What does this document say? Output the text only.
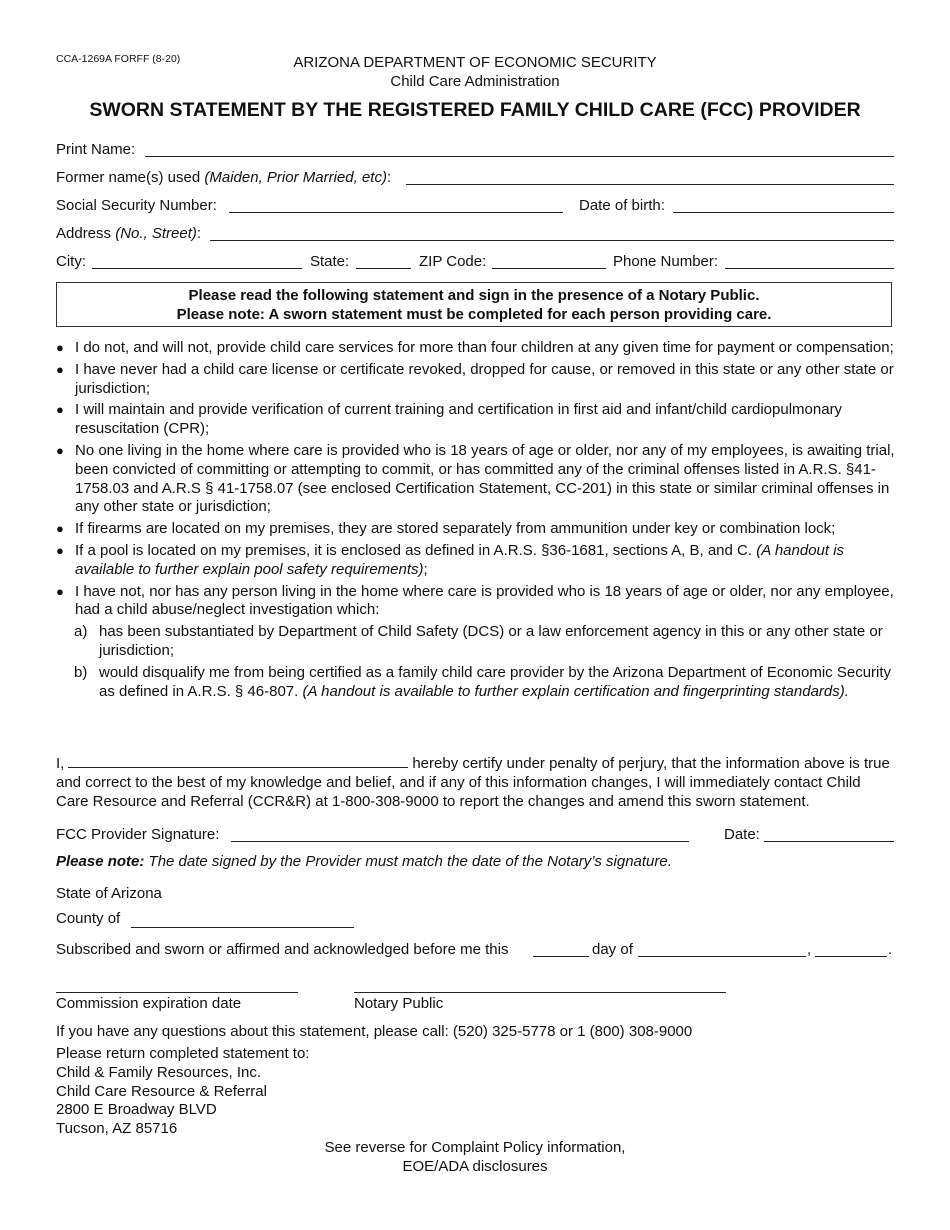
CCA-1269A FORFF (8-20)	ARIZONA DEPARTMENT OF ECONOMIC SECURITY
Child Care Administration
SWORN STATEMENT BY THE REGISTERED FAMILY CHILD CARE (FCC) PROVIDER
Print Name:
Former name(s) used (Maiden, Prior Married, etc):
Social Security Number:	Date of birth:
Address (No., Street):
City:	State:	ZIP Code:	Phone Number:
Please read the following statement and sign in the presence of a Notary Public.
Please note: A sworn statement must be completed for each person providing care.
● I do not, and will not, provide child care services for more than four children at any given time for payment or compensation;
● I have never had a child care license or certificate revoked, dropped for cause, or removed in this state or any other state or jurisdiction;
● I will maintain and provide verification of current training and certification in first aid and infant/child cardiopulmonary resuscitation (CPR);
● No one living in the home where care is provided who is 18 years of age or older, nor any of my employees, is awaiting trial, been convicted of committing or attempting to commit, or has committed any of the criminal offenses listed in A.R.S. §41-1758.03 and A.R.S § 41-1758.07 (see enclosed Certification Statement, CC-201) in this state or similar criminal offenses in any other state or jurisdiction;
● If firearms are located on my premises, they are stored separately from ammunition under key or combination lock;
● If a pool is located on my premises, it is enclosed as defined in A.R.S. §36-1681, sections A, B, and C. (A handout is available to further explain pool safety requirements);
● I have not, nor has any person living in the home where care is provided who is 18 years of age or older, nor any employee, had a child abuse/neglect investigation which:
a) has been substantiated by Department of Child Safety (DCS) or a law enforcement agency in this or any other state or jurisdiction;
b) would disqualify me from being certified as a family child care provider by the Arizona Department of Economic Security as defined in A.R.S. § 46-807. (A handout is available to further explain certification and fingerprinting standards).
I,	hereby certify under penalty of perjury, that the information above is true and correct to the best of my knowledge and belief, and if any of this information changes, I will immediately contact Child Care Resource and Referral (CCR&R) at 1-800-308-9000 to report the changes and amend this sworn statement.
FCC Provider Signature:	Date:
Please note: The date signed by the Provider must match the date of the Notary’s signature.
State of Arizona
County of
Subscribed and sworn or affirmed and acknowledged before me this	day of	,	.
Commission expiration date	Notary Public
If you have any questions about this statement, please call: (520) 325-5778 or 1 (800) 308-9000
Please return completed statement to:
Child & Family Resources, Inc.
Child Care Resource & Referral
2800 E Broadway BLVD
Tucson, AZ 85716
See reverse for Complaint Policy information,
EOE/ADA disclosures
